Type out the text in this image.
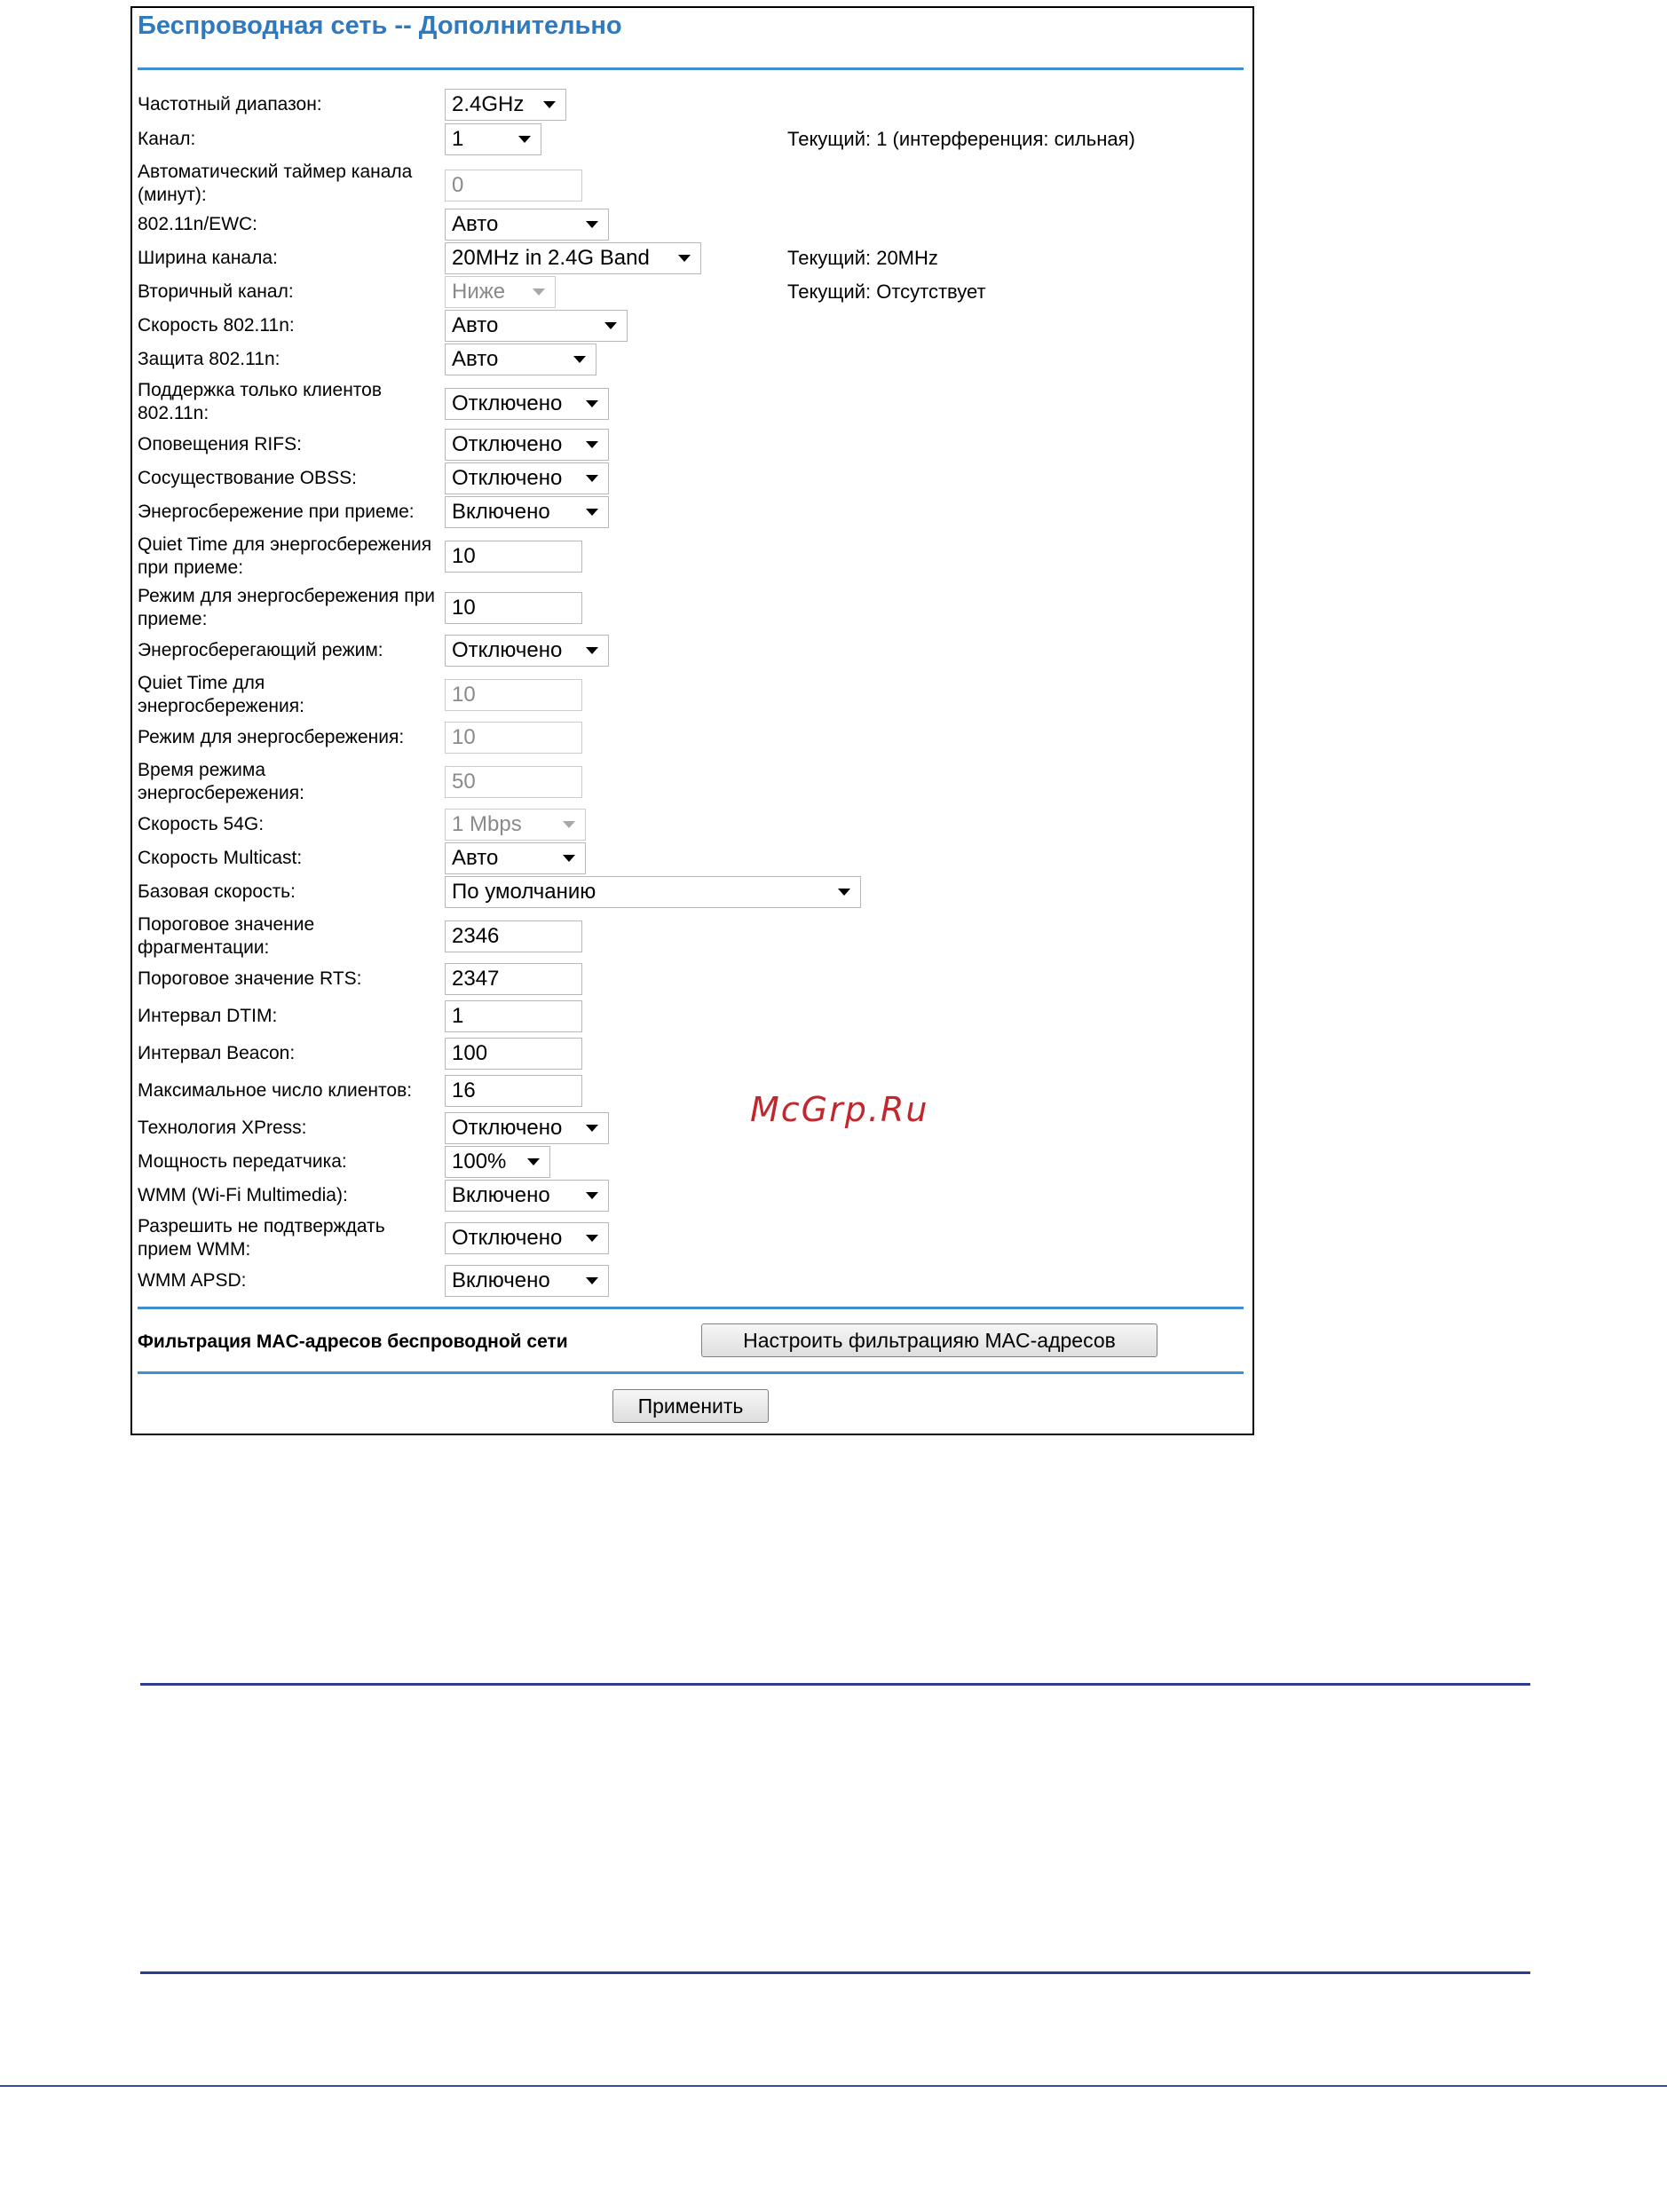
Беспроводная сеть -- Дополнительно
Частотный диапазон:	2.4GHz
Канал:	1	Текущий: 1 (интерференция: сильная)
Автоматический таймер канала (минут):	0
802.11n/EWC:	Авто
Ширина канала:	20MHz in 2.4G Band	Текущий: 20MHz
Вторичный канал:	Ниже	Текущий: Отсутствует
Скорость 802.11n:	Авто
Защита 802.11n:	Авто
Поддержка только клиентов 802.11n:	Отключено
Оповещения RIFS:	Отключено
Сосуществование OBSS:	Отключено
Энергосбережение при приеме:	Включено
Quiet Time для энергосбережения при приеме:	10
Режим для энергосбережения при приеме:	10
Энергосберегающий режим:	Отключено
Quiet Time для энергосбережения:	10
Режим для энергосбережения:	10
Время режима энергосбережения:	50
Скорость 54G:	1 Mbps
Скорость Multicast:	Авто
Базовая скорость:	По умолчанию
Пороговое значение фрагментации:	2346
Пороговое значение RTS:	2347
Интервал DTIM:	1
Интервал Beacon:	100
Максимальное число клиентов:	16
Технология XPress:	Отключено
Мощность передатчика:	100%
WMM (Wi-Fi Multimedia):	Включено
Разрешить не подтверждать прием WMM:	Отключено
WMM APSD:	Включено
Фильтрация MAC-адресов беспроводной сети	Настроить фильтрацияю MAC-адресов
Применить
McGrp.Ru
